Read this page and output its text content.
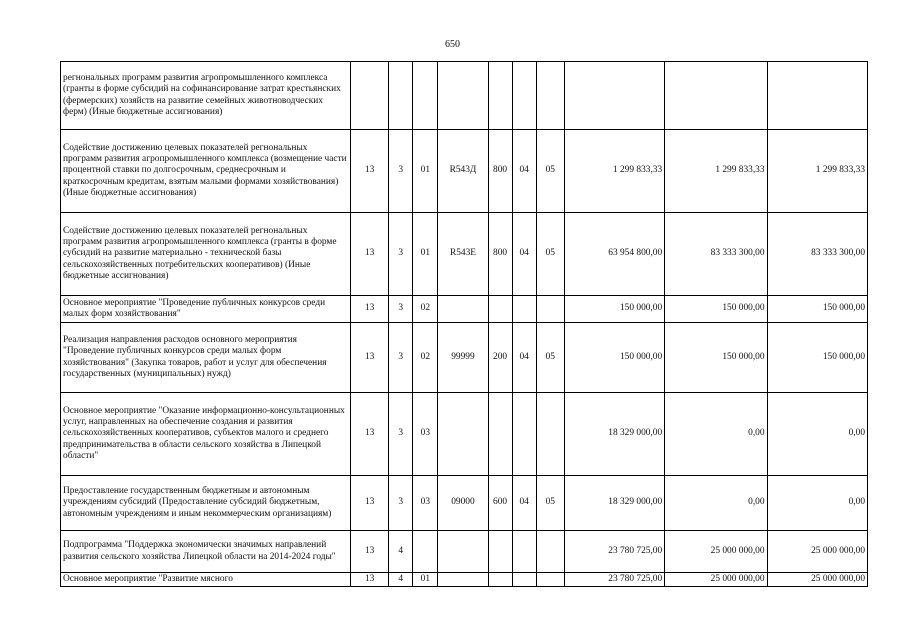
650
регнональных программ развития агропромышленного комплекса (гранты в форме субсидий на софинансирование затрат крестьянских (фермерских) хозяйств на развитие семейных животноводческих ферм) (Иные бюджетные ассигнования)										
Содействие достижению целевых показателей регнональных программ развития агропромышленного комплекса (возмещение части процентной ставки по долгосрочным, среднесрочным и краткосрочным кредитам, взятым малыми формами хозяйствования) (Иные бюджетные ассигнования)	13	3	01	R543Д	800	04	05	1 299 833,33	1 299 833,33	1 299 833,33
Содействие достижению целевых показателей регнональных программ развития агропромышленного комплекса (гранты в форме субсидий на развитие материально - технической базы сельскохозяйственных потребительских кооперативов) (Иные бюджетные ассигнования)	13	3	01	R543Е	800	04	05	63 954 800,00	83 333 300,00	83 333 300,00
Основное мероприятие "Проведение публичных конкурсов среди малых форм хозяйствования"	13	3	02					150 000,00	150 000,00	150 000,00
Реализация направления расходов основного мероприятия "Проведение публичных конкурсов среди малых форм хозяйствования" (Закупка товаров, работ и услуг для обеспечения государственных (муниципальных) нужд)	13	3	02	99999	200	04	05	150 000,00	150 000,00	150 000,00
Основное мероприятие "Оказание информационно-консультационных услуг, направленных на обеспечение создания и развития сельскохозяйственных кооперативов, субъектов малого и среднего предпринимательства в области сельского хозяйства в Липецкой области"	13	3	03					18 329 000,00	0,00	0,00
Предоставление государственным бюджетным и автономным учреждениям субсидий (Предоставление субсидий бюджетным, автономным учреждениям и иным некоммерческим организациям)	13	3	03	09000	600	04	05	18 329 000,00	0,00	0,00
Подпрограмма "Поддержка экономически значимых направлений развития сельского хозяйства Липецкой области на 2014-2024 годы"	13	4						23 780 725,00	25 000 000,00	25 000 000,00
Основное мероприятие "Развитие мясного	13	4	01					23 780 725,00	25 000 000,00	25 000 000,00
